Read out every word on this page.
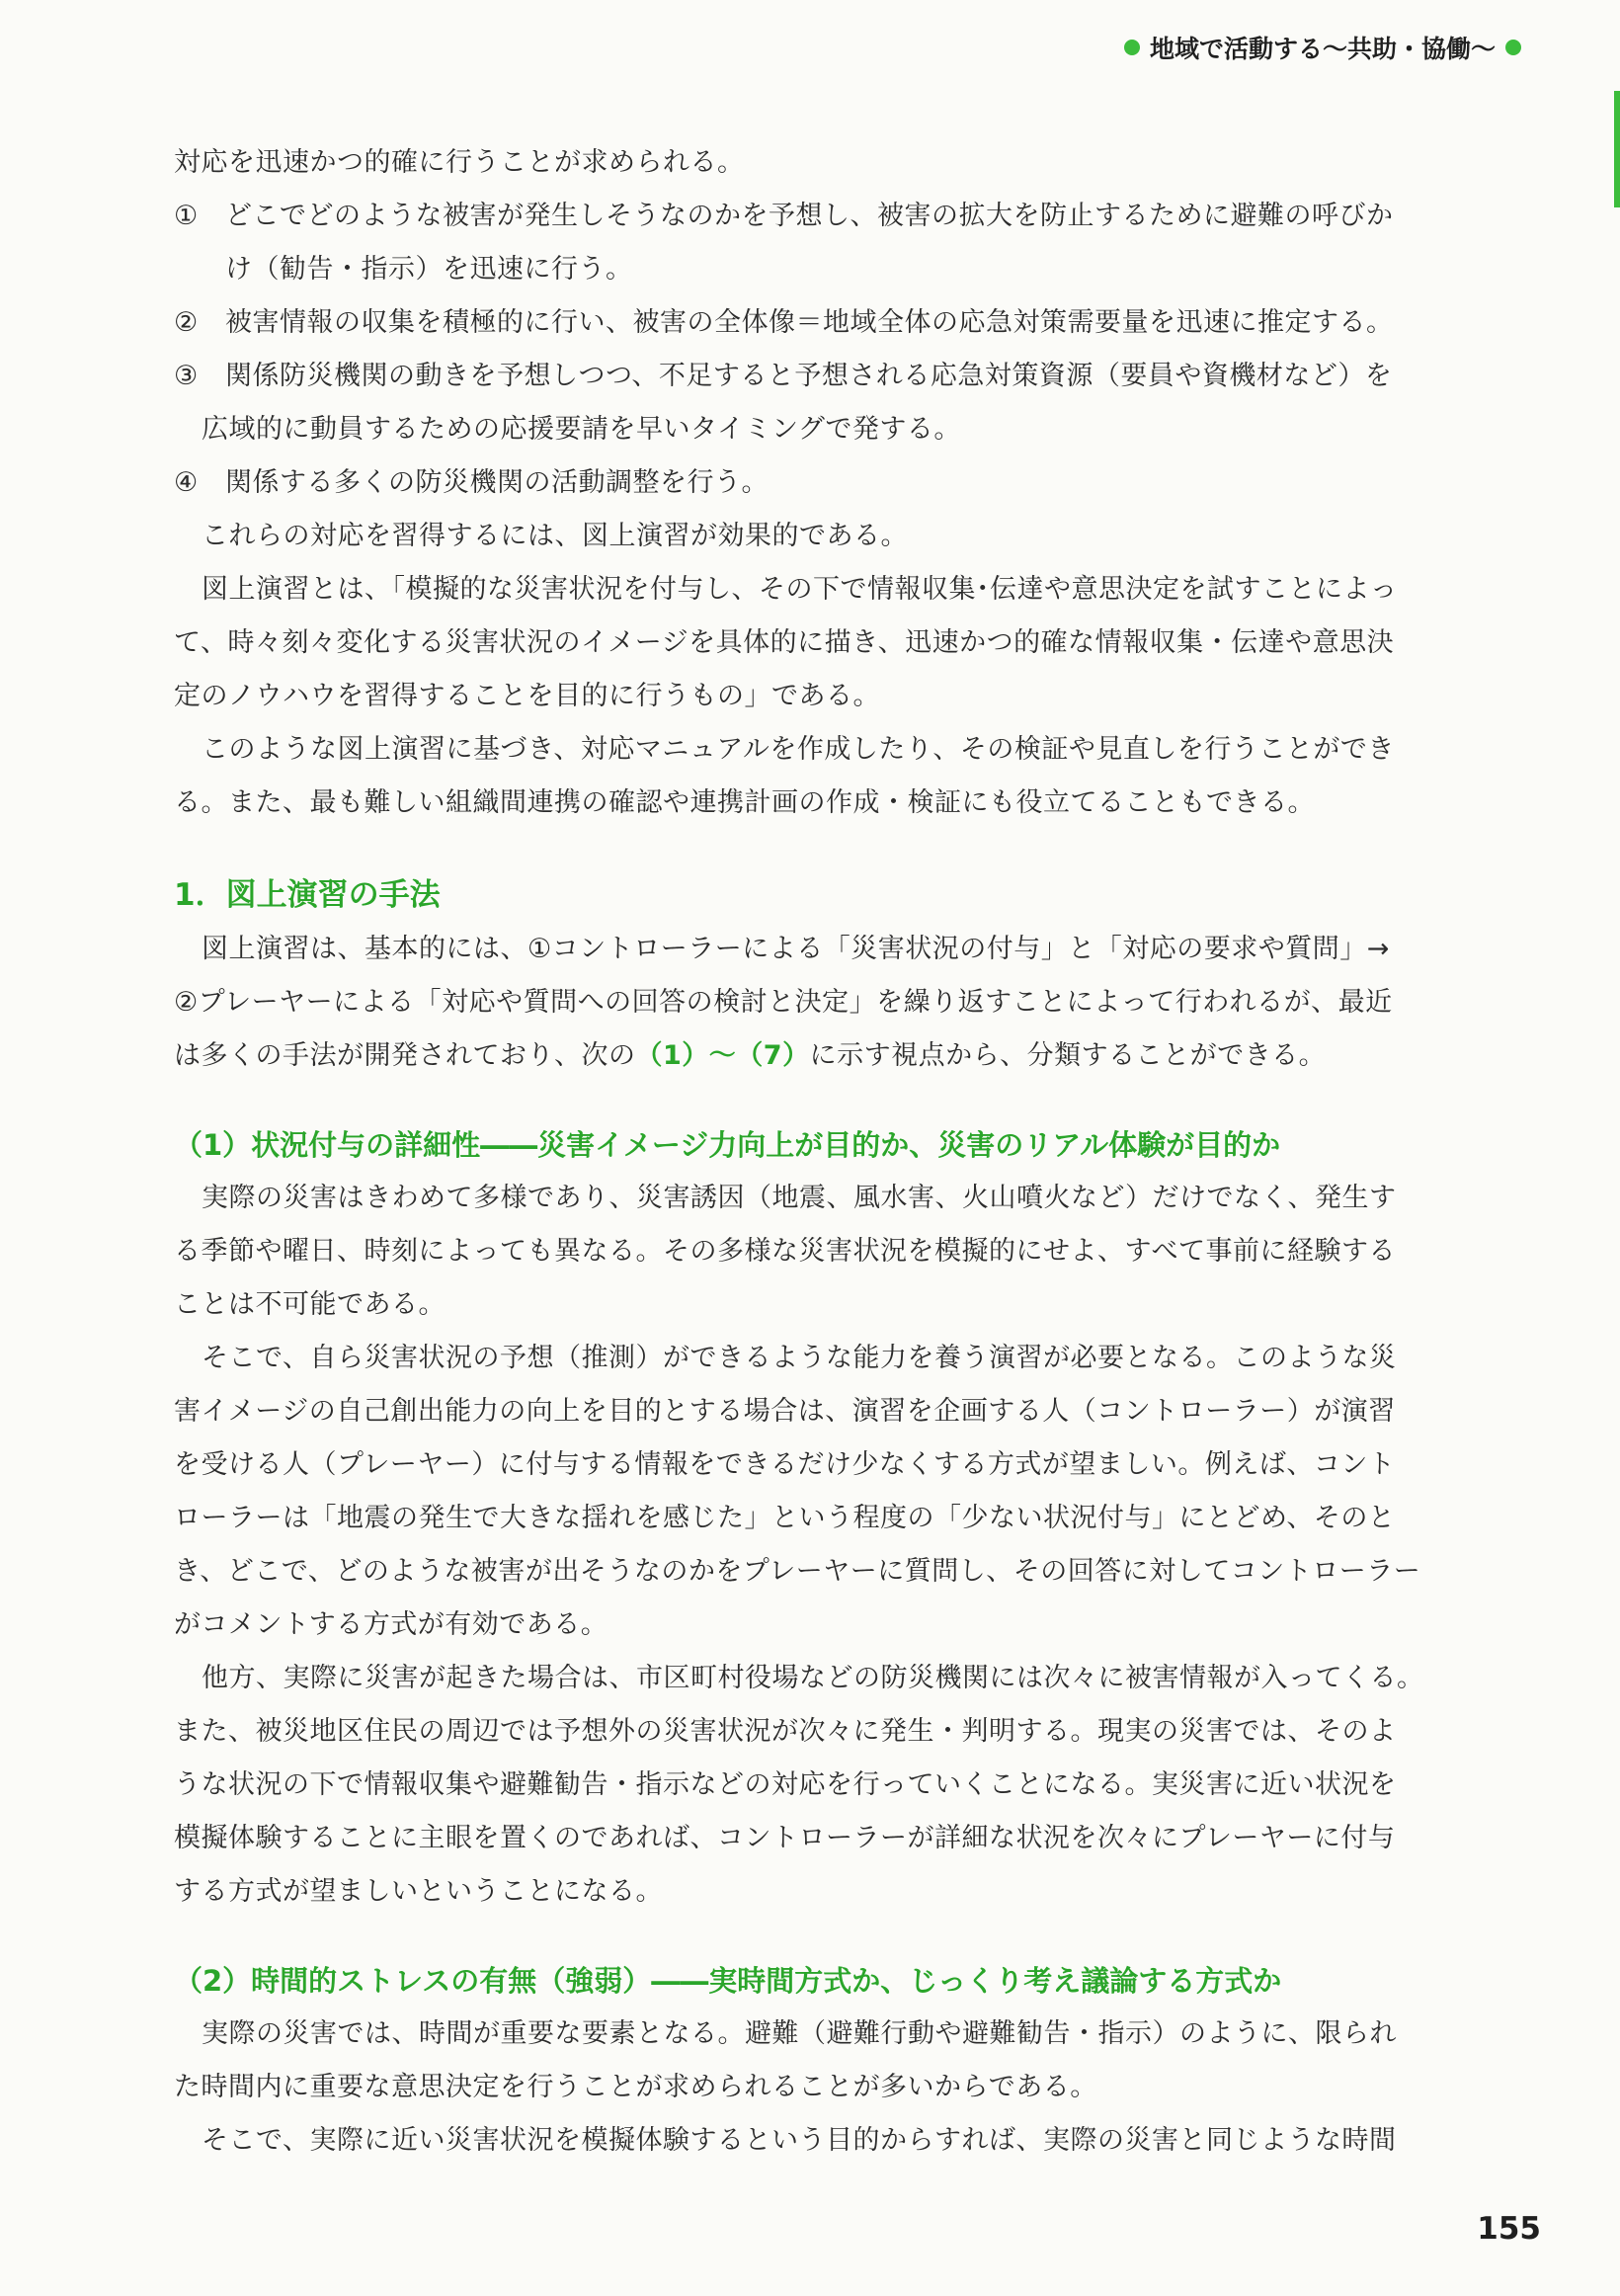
地域で活動する〜共助・協働〜
対応を迅速かつ的確に行うことが求められる。
① どこでどのような被害が発生しそうなのかを予想し、被害の拡大を防止するために避難の呼びか
け（勧告・指示）を迅速に行う。
② 被害情報の収集を積極的に行い、被害の全体像＝地域全体の応急対策需要量を迅速に推定する。
③ 関係防災機関の動きを予想しつつ、不足すると予想される応急対策資源（要員や資機材など）を
広域的に動員するための応援要請を早いタイミングで発する。
④ 関係する多くの防災機関の活動調整を行う。
これらの対応を習得するには、図上演習が効果的である。
図上演習とは、「模擬的な災害状況を付与し、その下で情報収集･伝達や意思決定を試すことによっ
て、時々刻々変化する災害状況のイメージを具体的に描き、迅速かつ的確な情報収集・伝達や意思決
定のノウハウを習得することを目的に行うもの」である。
このような図上演習に基づき、対応マニュアルを作成したり、その検証や見直しを行うことができ
る。また、最も難しい組織間連携の確認や連携計画の作成・検証にも役立てることもできる。
1．図上演習の手法
図上演習は、基本的には、①コントローラーによる「災害状況の付与」と「対応の要求や質問」→
②プレーヤーによる「対応や質問への回答の検討と決定」を繰り返すことによって行われるが、最近
は多くの手法が開発されており、次の（1）〜（7）に示す視点から、分類することができる。
（1）状況付与の詳細性――災害イメージ力向上が目的か、災害のリアル体験が目的か
実際の災害はきわめて多様であり、災害誘因（地震、風水害、火山噴火など）だけでなく、発生す
る季節や曜日、時刻によっても異なる。その多様な災害状況を模擬的にせよ、すべて事前に経験する
ことは不可能である。
そこで、自ら災害状況の予想（推測）ができるような能力を養う演習が必要となる。このような災
害イメージの自己創出能力の向上を目的とする場合は、演習を企画する人（コントローラー）が演習
を受ける人（プレーヤー）に付与する情報をできるだけ少なくする方式が望ましい。例えば、コント
ローラーは「地震の発生で大きな揺れを感じた」という程度の「少ない状況付与」にとどめ、そのと
き、どこで、どのような被害が出そうなのかをプレーヤーに質問し、その回答に対してコントローラー
がコメントする方式が有効である。
他方、実際に災害が起きた場合は、市区町村役場などの防災機関には次々に被害情報が入ってくる。
また、被災地区住民の周辺では予想外の災害状況が次々に発生・判明する。現実の災害では、そのよ
うな状況の下で情報収集や避難勧告・指示などの対応を行っていくことになる。実災害に近い状況を
模擬体験することに主眼を置くのであれば、コントローラーが詳細な状況を次々にプレーヤーに付与
する方式が望ましいということになる。
（2）時間的ストレスの有無（強弱）――実時間方式か、じっくり考え議論する方式か
実際の災害では、時間が重要な要素となる。避難（避難行動や避難勧告・指示）のように、限られ
た時間内に重要な意思決定を行うことが求められることが多いからである。
そこで、実際に近い災害状況を模擬体験するという目的からすれば、実際の災害と同じような時間
155
